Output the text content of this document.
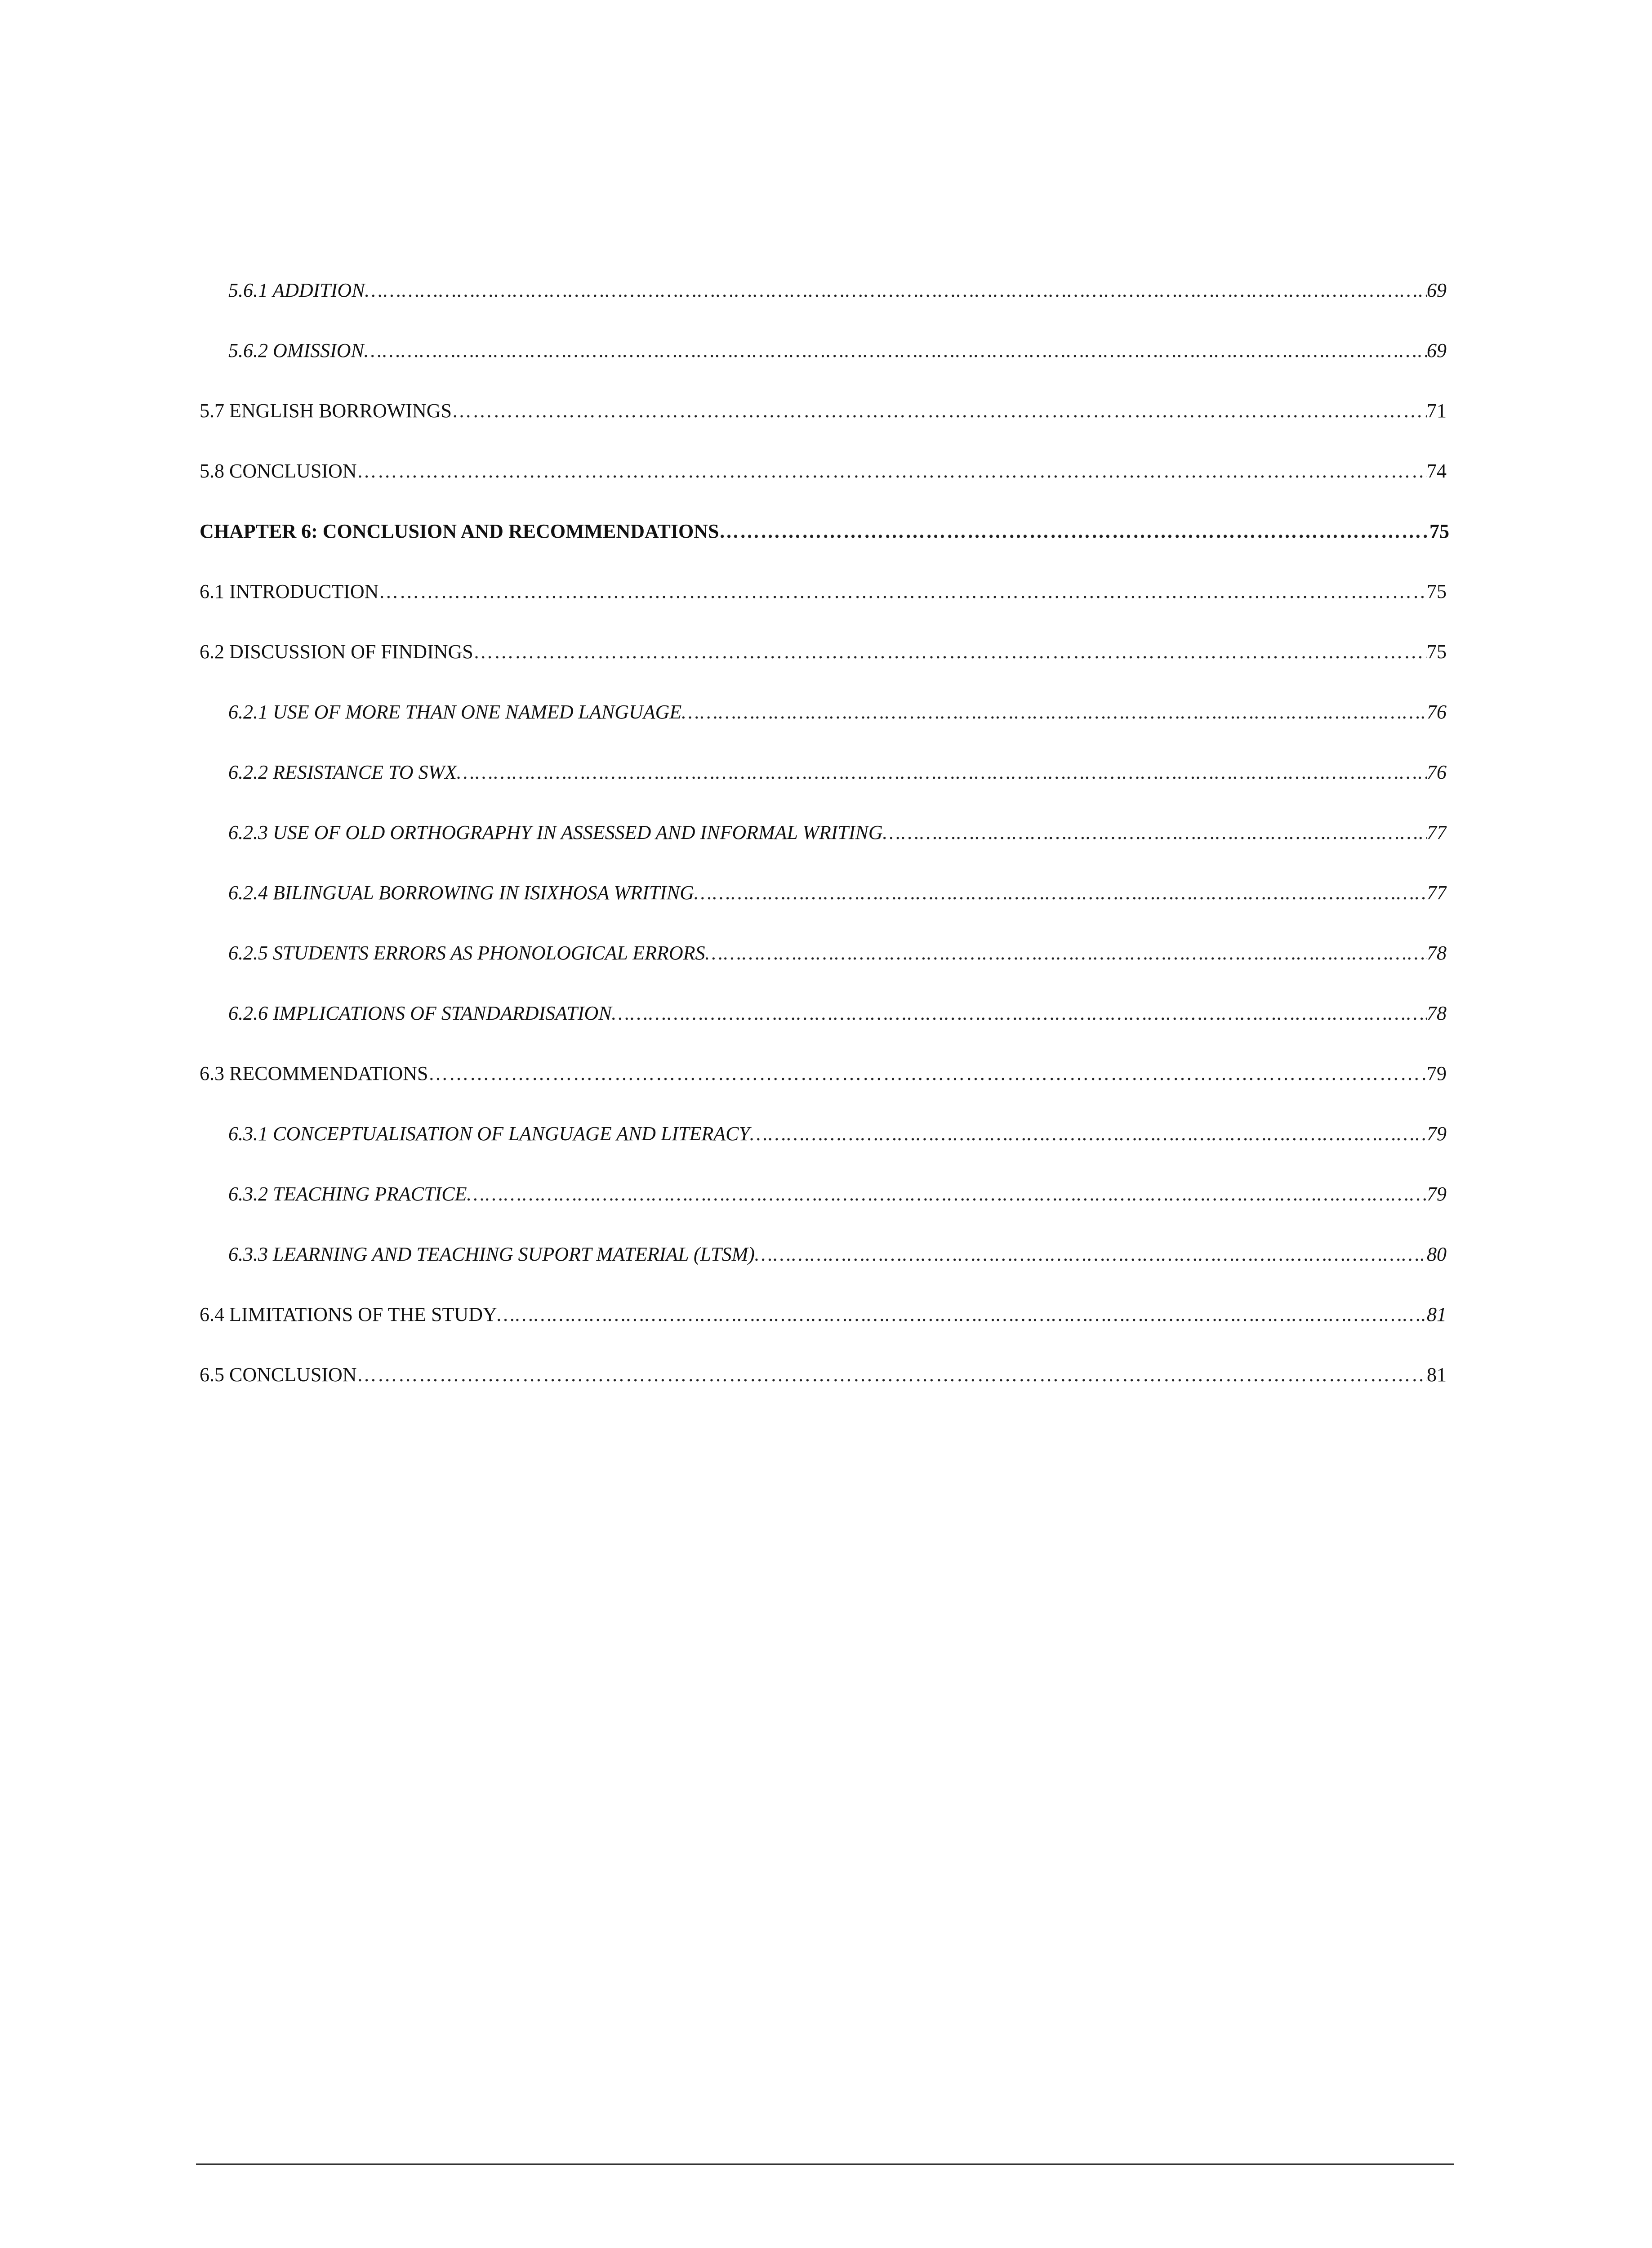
5.6.1 ADDITION …………………………………………………………………………………………………………………………………………………………………………………………………………………………………………………………………………………………………………………………………………	69
5.6.2 OMISSION …………………………………………………………………………………………………………………………………………………………………………………………………………………………………………………………………………………………………………………………………………	69
5.7 ENGLISH BORROWINGS …………………………………………………………………………………………………………………………………………………………………………………………………………………………………………………………………………………………………………………………………………	71
5.8 CONCLUSION …………………………………………………………………………………………………………………………………………………………………………………………………………………………………………………………………………………………………………………………………………	74
CHAPTER 6: CONCLUSION AND RECOMMENDATIONS …………………………………………………………………………………………………………………………………………………………………………………………………………………………………………………………………………………………………………………………………………	75
6.1 INTRODUCTION …………………………………………………………………………………………………………………………………………………………………………………………………………………………………………………………………………………………………………………………………………	75
6.2 DISCUSSION OF FINDINGS …………………………………………………………………………………………………………………………………………………………………………………………………………………………………………………………………………………………………………………………………………	75
6.2.1 USE OF MORE THAN ONE NAMED LANGUAGE …………………………………………………………………………………………………………………………………………………………………………………………………………………………………………………………………………………………………………………………………………	76
6.2.2 RESISTANCE TO SWX …………………………………………………………………………………………………………………………………………………………………………………………………………………………………………………………………………………………………………………………………………	76
6.2.3 USE OF OLD ORTHOGRAPHY IN ASSESSED AND INFORMAL WRITING …………………………………………………………………………………………………………………………………………………………………………………………………………………………………………………………………………………………………………………………………………	77
6.2.4 BILINGUAL BORROWING IN ISIXHOSA WRITING …………………………………………………………………………………………………………………………………………………………………………………………………………………………………………………………………………………………………………………………………………	77
6.2.5 STUDENTS ERRORS AS PHONOLOGICAL ERRORS …………………………………………………………………………………………………………………………………………………………………………………………………………………………………………………………………………………………………………………………………………	78
6.2.6 IMPLICATIONS OF STANDARDISATION …………………………………………………………………………………………………………………………………………………………………………………………………………………………………………………………………………………………………………………………………………	78
6.3 RECOMMENDATIONS …………………………………………………………………………………………………………………………………………………………………………………………………………………………………………………………………………………………………………………………………………	79
6.3.1 CONCEPTUALISATION OF LANGUAGE AND LITERACY …………………………………………………………………………………………………………………………………………………………………………………………………………………………………………………………………………………………………………………………………………	79
6.3.2 TEACHING PRACTICE …………………………………………………………………………………………………………………………………………………………………………………………………………………………………………………………………………………………………………………………………………	79
6.3.3 LEARNING AND TEACHING SUPORT MATERIAL (LTSM) …………………………………………………………………………………………………………………………………………………………………………………………………………………………………………………………………………………………………………………………………………	80
6.4 LIMITATIONS OF THE STUDY …………………………………………………………………………………………………………………………………………………………………………………………………………………………………………………………………………………………………………………………………………	81
6.5 CONCLUSION …………………………………………………………………………………………………………………………………………………………………………………………………………………………………………………………………………………………………………………………………………	81
